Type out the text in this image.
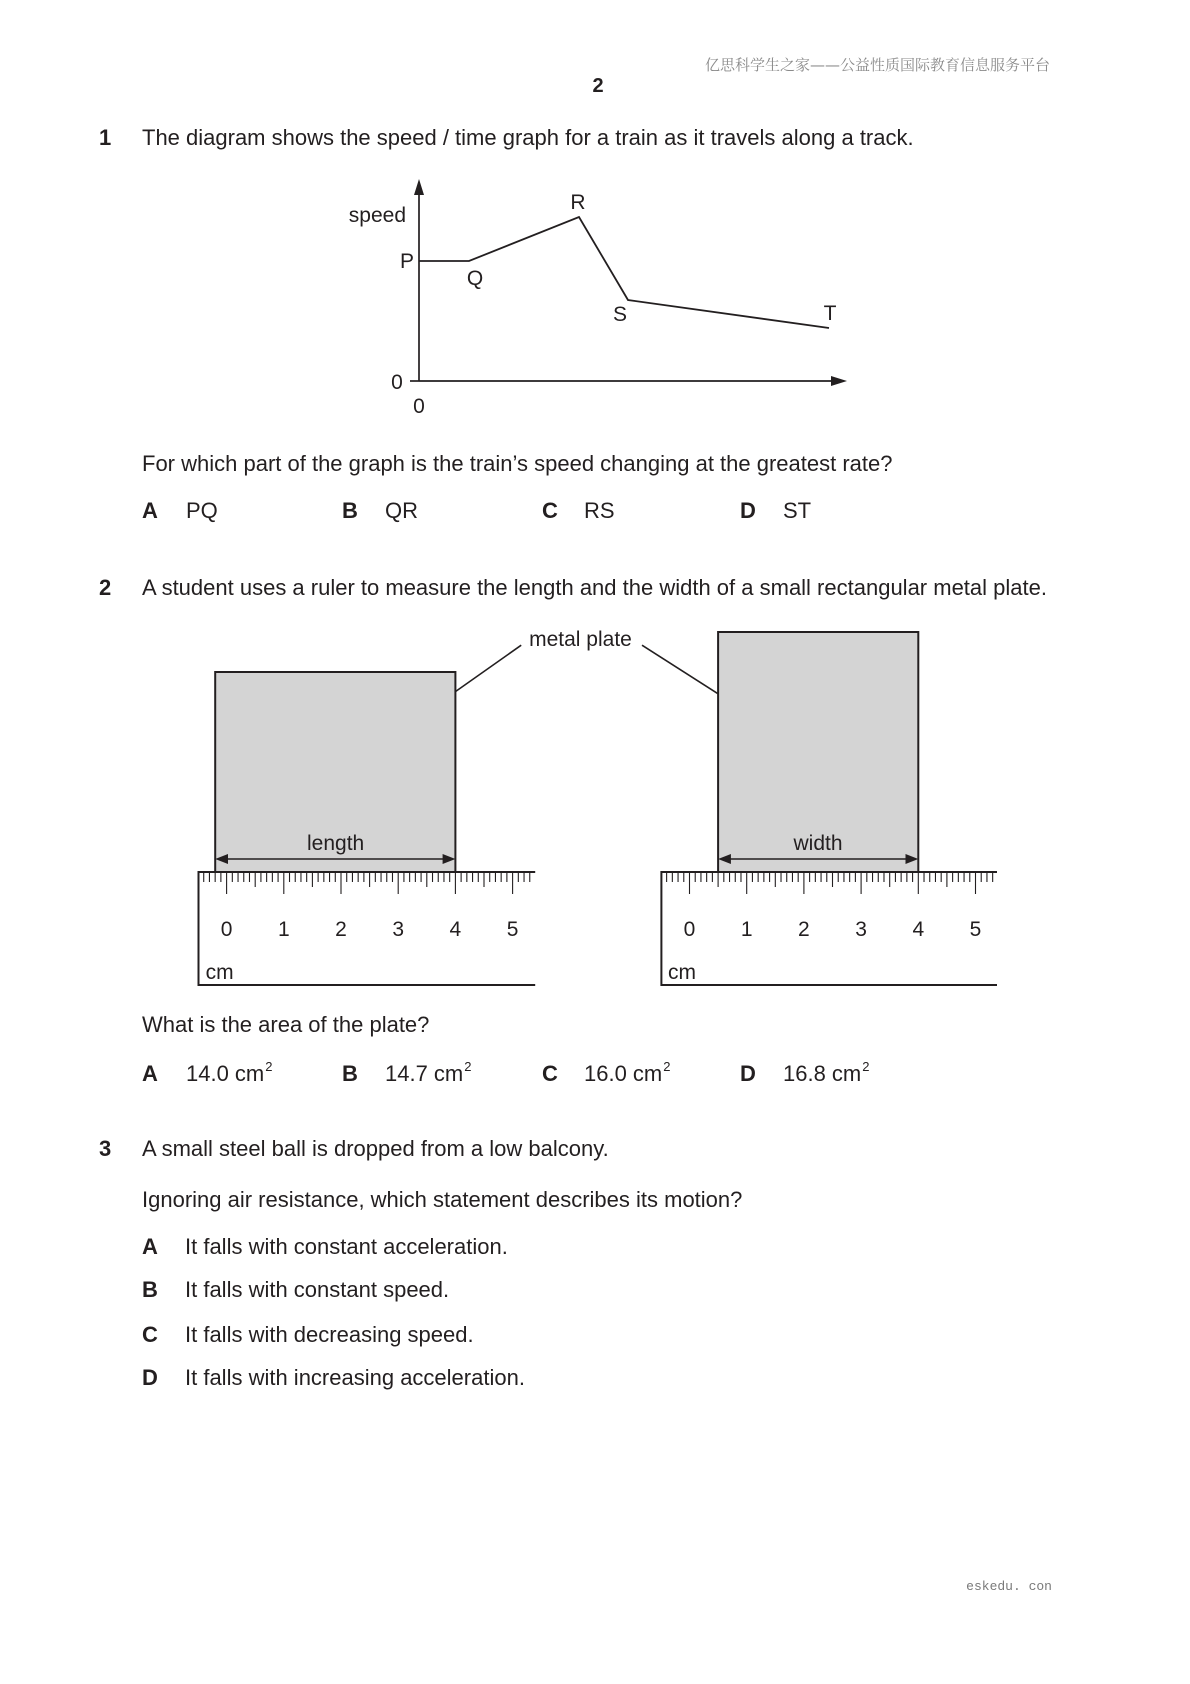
亿思科学生之家——公益性质国际教育信息服务平台
2
1 The diagram shows the speed / time graph for a train as it travels along a track.
speed
P
Q
R
S	T
0
0
For which part of the graph is the train’s speed changing at the greatest rate?
A PQ	B QR	C RS	D ST
2 A student uses a ruler to measure the length and the width of a small rectangular metal plate.
metal plate
length	width
0 1 2 3 4 5
cm
0 1 2 3 4 5
cm
What is the area of the plate?
A 14.0 $cm^2$	B 14.7 $cm^2$	C 16.0 $cm^2$	D 16.8 $cm^2$
3 A small steel ball is dropped from a low balcony.
Ignoring air resistance, which statement describes its motion?
A It falls with constant acceleration.
B It falls with constant speed.
C It falls with decreasing speed.
D It falls with increasing acceleration.
eskedu. con
